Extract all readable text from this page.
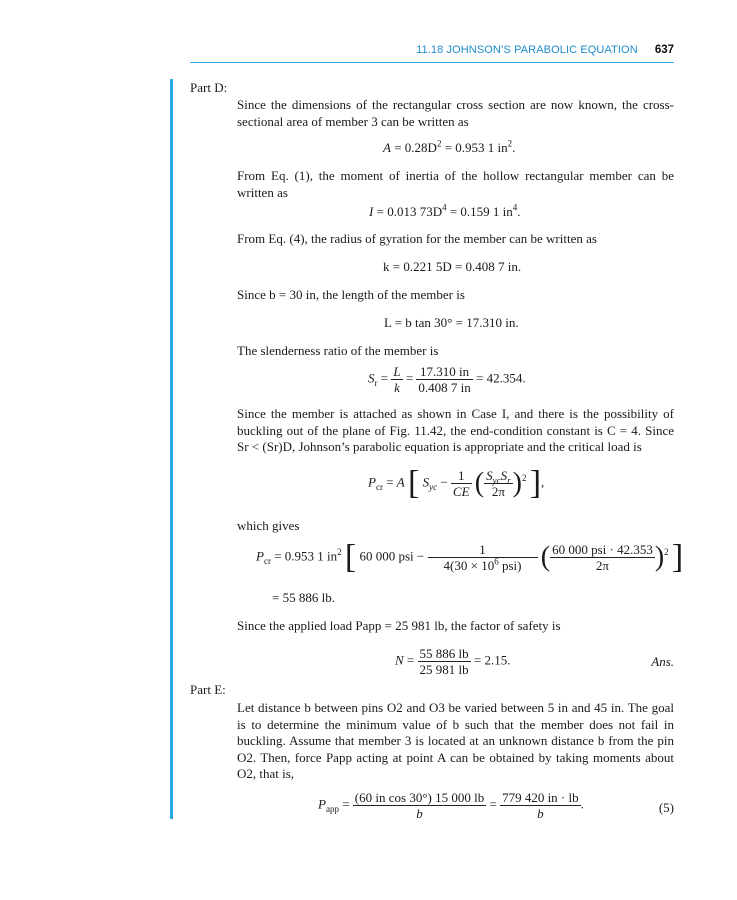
11.18 JOHNSON’S PARABOLIC EQUATION 637
Part D:
Since the dimensions of the rectangular cross section are now known, the cross-sectional area of member 3 can be written as
$A = 0.28D^2 = 0.953$ 1 $in^2$.
From Eq. (1), the moment of inertia of the hollow rectangular member can be written as
I = 0.013 $73D^4 = 0.159$ 1 $in^4$.
From Eq. (4), the radius of gyration for the member can be written as
k = 0.221 5D = 0.408 7 in.
Since b = 30 in, the length of the member is
L = b tan 30° = 17.310 in.
The slenderness ratio of the member is
$S_r = \frac{L}{k} = \frac{17.310 in}{0.408 7 in} = 42.354$.
Since the member is attached as shown in Case I, and there is the possibility of buckling out of the plane of Fig. 11.42, the end-condition constant is C = 4. Since Sr < (Sr)D, Johnson’s parabolic equation is appropriate and the critical load is
$P_{cr} = A$ [ $S_{yc} - \frac{1}{CE}$ ( $\frac{S_{yc}S_r}{2\pi} )^2$ ],
which gives
$P_{cr} = 0.953$ 1 $in^2$ [ 60 000 psi − $\frac{1}{4(30 \times 10^6 psi)}$ ( $\frac{\text{60 000 psi · 42.353}}{2\pi} )^2$ ]
= 55 886 lb.
Since the applied load Papp = 25 981 lb, the factor of safety is
$N = \frac{55 886 lb}{25 981 lb} = 2.15$.	Ans.
Part E:
Let distance b between pins O2 and O3 be varied between 5 in and 45 in. The goal is to determine the minimum value of b such that the member does not fail in buckling. Assume that member 3 is located at an unknown distance b from the pin O2. Then, force Papp acting at point A can be obtained by taking moments about O2, that is,
$P_{app} = \frac{\text{(60 in cos 30°) 15 000 lb}}{b} = \frac{779 420 in \cdot lb}{b}$ .	(5)
